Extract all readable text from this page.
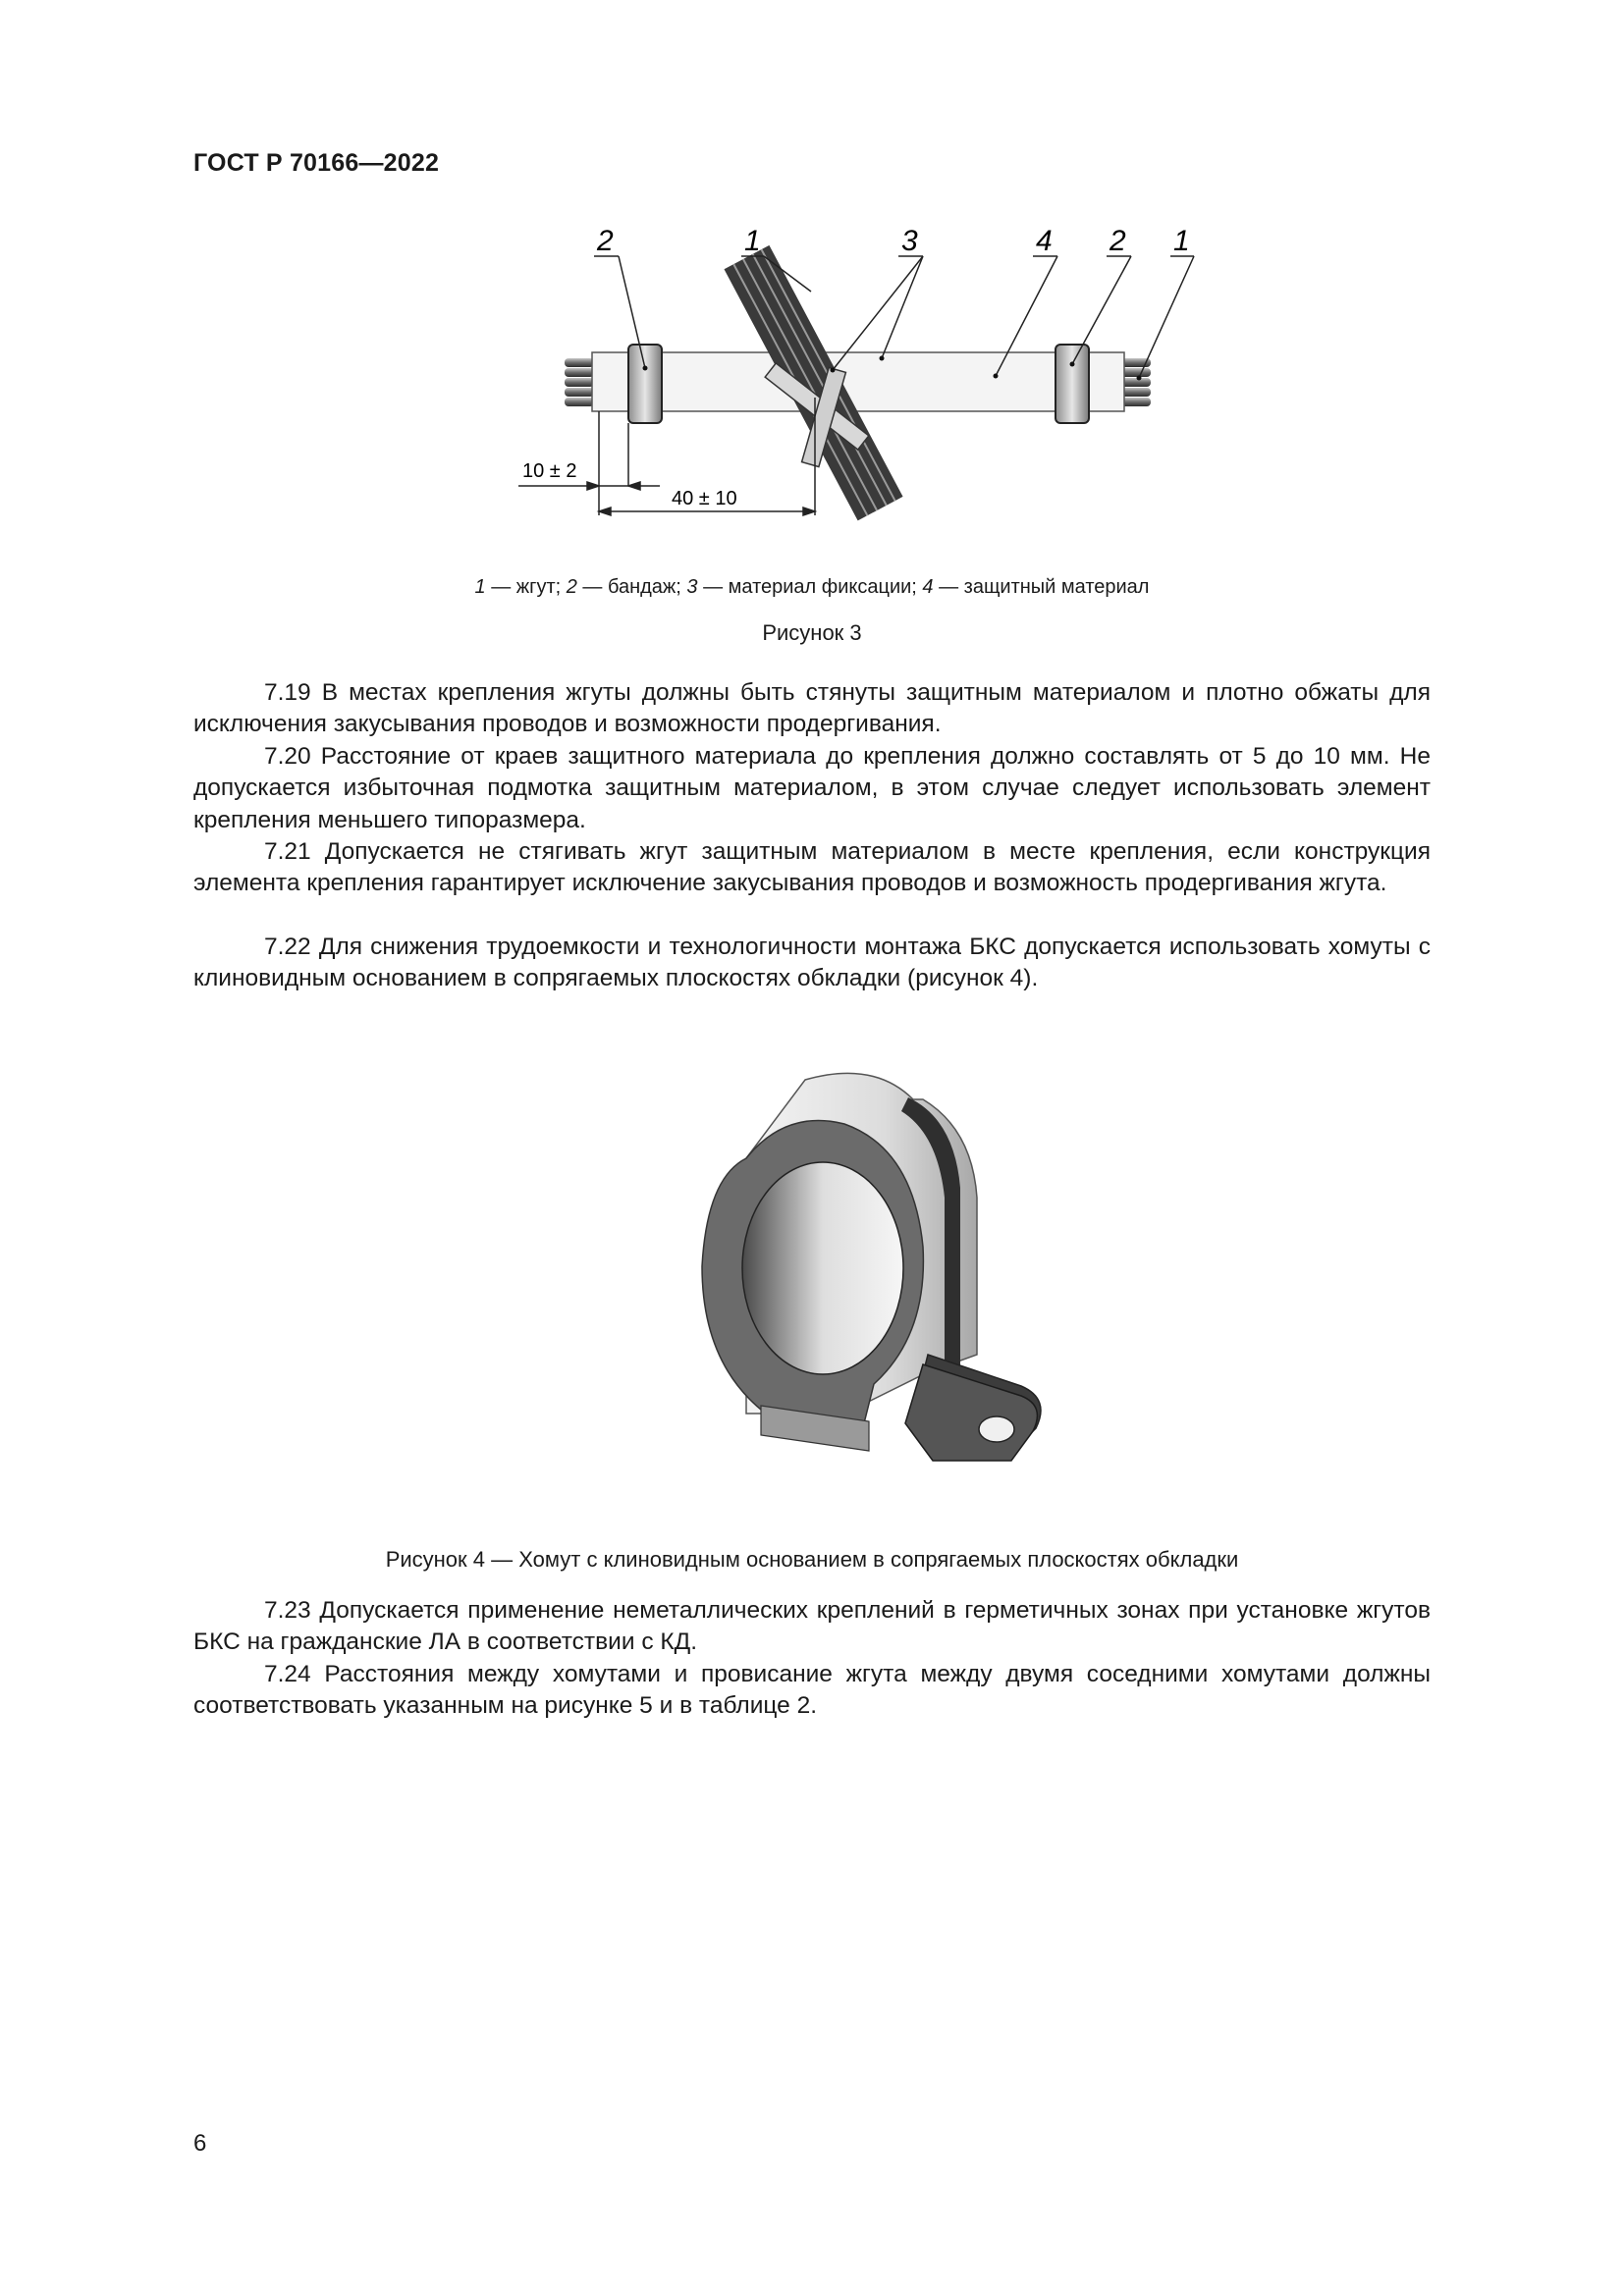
ГОСТ Р 70166—2022
2	1	3	4 2 1
10 ± 2
40 ± 10
1 — жгут; 2 — бандаж; 3 — материал фиксации; 4 — защитный материал
Рисунок 3

7.19 В местах крепления жгуты должны быть стянуты защитным материалом и плотно обжаты для исключения закусывания проводов и возможности продергивания.

7.20 Расстояние от краев защитного материала до крепления должно составлять от 5 до 10 мм. Не допускается избыточная подмотка защитным материалом, в этом случае следует использовать элемент крепления меньшего типоразмера.

7.21 Допускается не стягивать жгут защитным материалом в месте крепления, если конструкция элемента крепления гарантирует исключение закусывания проводов и возможность продергивания жгута.

7.22 Для снижения трудоемкости и технологичности монтажа БКС допускается использовать хомуты с клиновидным основанием в сопрягаемых плоскостях обкладки (рисунок 4).

Рисунок 4 — Хомут с клиновидным основанием в сопрягаемых плоскостях обкладки

7.23 Допускается применение неметаллических креплений в герметичных зонах при установке жгутов БКС на гражданские ЛА в соответствии с КД.

7.24 Расстояния между хомутами и провисание жгута между двумя соседними хомутами должны соответствовать указанным на рисунке 5 и в таблице 2.

6
